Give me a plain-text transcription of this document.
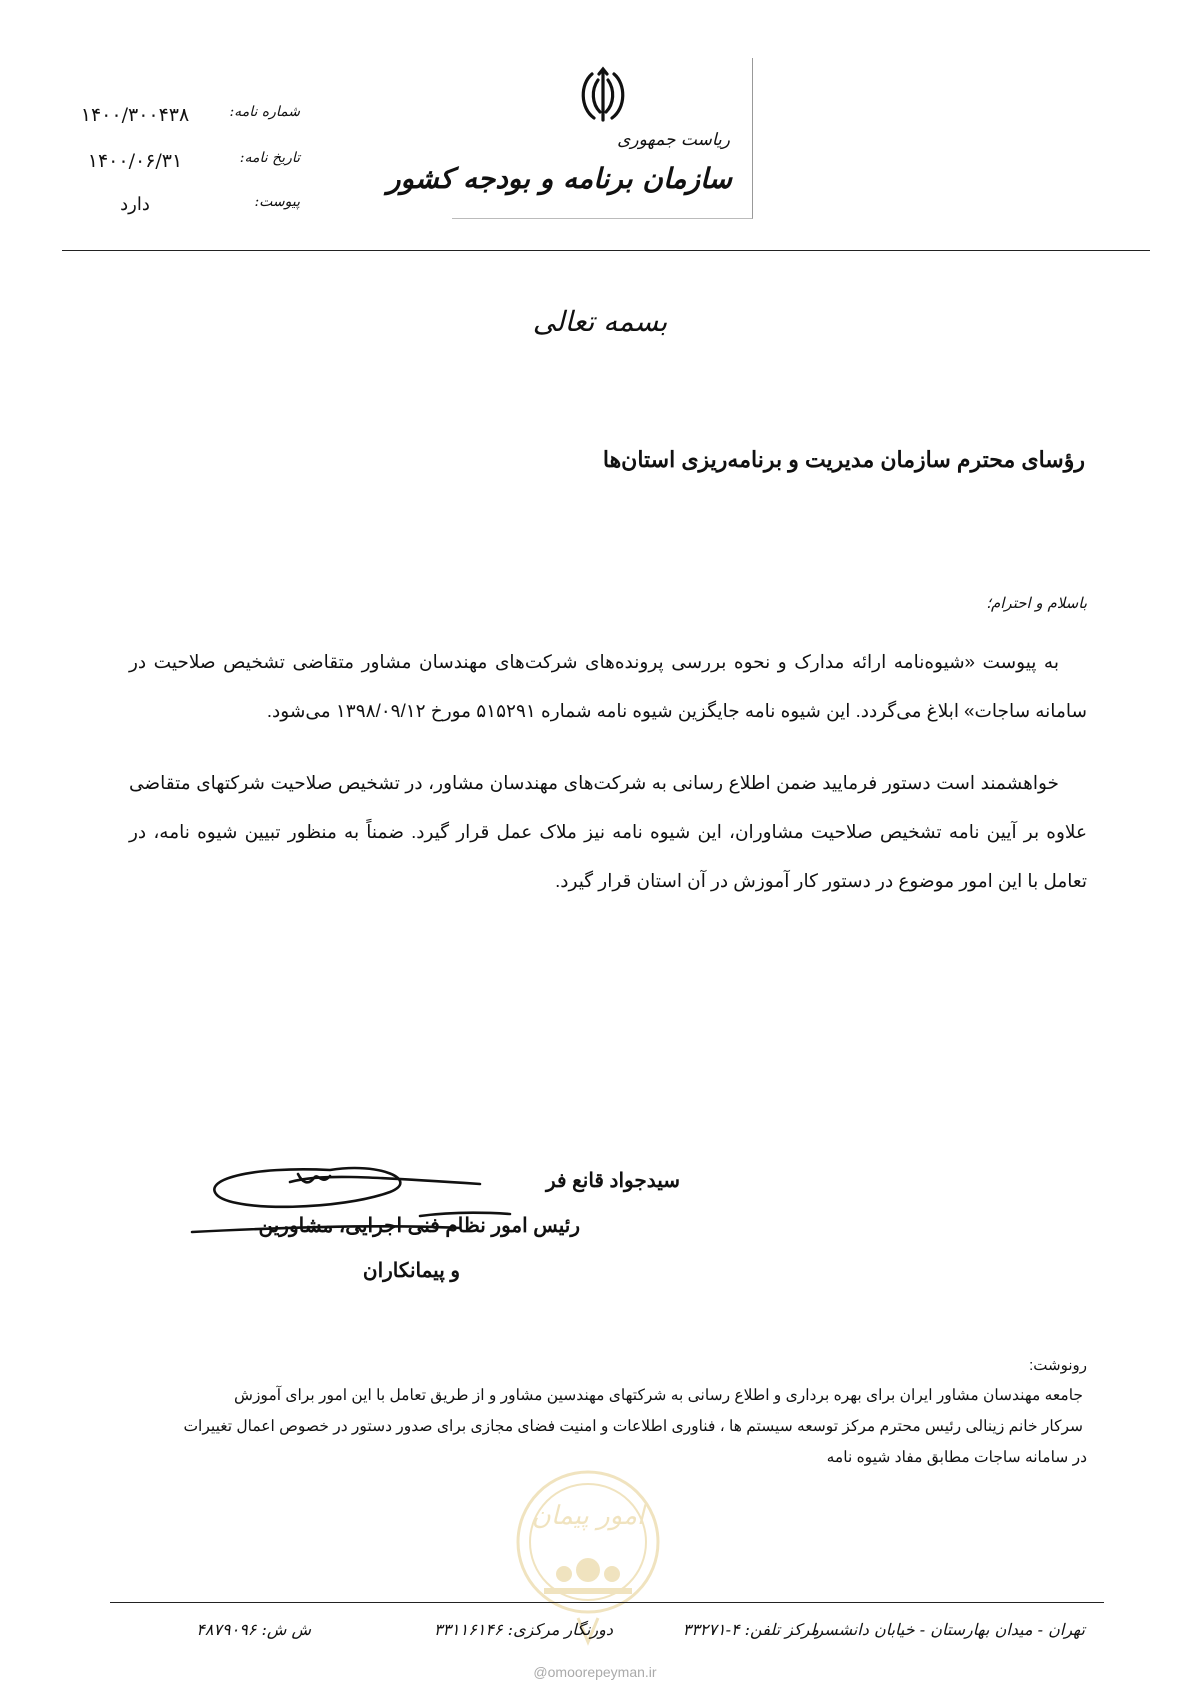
شماره نامه:
۱۴۰۰/۳۰۰۴۳۸
تاریخ نامه:
۱۴۰۰/۰۶/۳۱
پیوست:
دارد
ریاست جمهوری
سازمان برنامه و بودجه کشور
بسمه تعالی
رؤسای محترم سازمان مدیریت و برنامه‌ریزی استان‌ها
باسلام و احترام؛
به پیوست «شیوه‌نامه ارائه مدارک و نحوه بررسی پرونده‌های شرکت‌های مهندسان مشاور متقاضی تشخیص صلاحیت در سامانه ساجات» ابلاغ می‌گردد. این شیوه نامه جایگزین شیوه نامه شماره ۵۱۵۲۹۱ مورخ ۱۳۹۸/۰۹/۱۲ می‌شود.
خواهشمند است دستور فرمایید ضمن اطلاع رسانی به شرکت‌های مهندسان مشاور، در تشخیص صلاحیت شرکتهای متقاضی علاوه بر آیین نامه تشخیص صلاحیت مشاوران، این شیوه نامه نیز ملاک عمل قرار گیرد. ضمناً به منظور تبیین شیوه نامه، در تعامل با این امور موضوع در دستور کار آموزش در آن استان قرار گیرد.
سیدجواد قانع فر
رئیس امور نظام فنی اجرایی، مشاورین
و پیمانکاران
رونوشت:
جامعه مهندسان مشاور ایران برای بهره برداری و اطلاع رسانی به شرکتهای مهندسین مشاور و از طریق تعامل با این امور برای آموزش
سرکار خانم زینالی رئیس محترم مرکز توسعه سیستم ها ، فناوری اطلاعات و امنیت فضای مجازی برای صدور دستور در خصوص اعمال تغییرات
در سامانه ساجات مطابق مفاد شیوه نامه
امور پیمان
تهران - میدان بهارستان - خیابان دانشسرا
مرکز تلفن: ۴-۳۳۲۷۱
دورنگار مرکزی: ۳۳۱۱۶۱۴۶
ش ش: ۴۸۷۹۰۹۶
@omoorepeyman.ir
